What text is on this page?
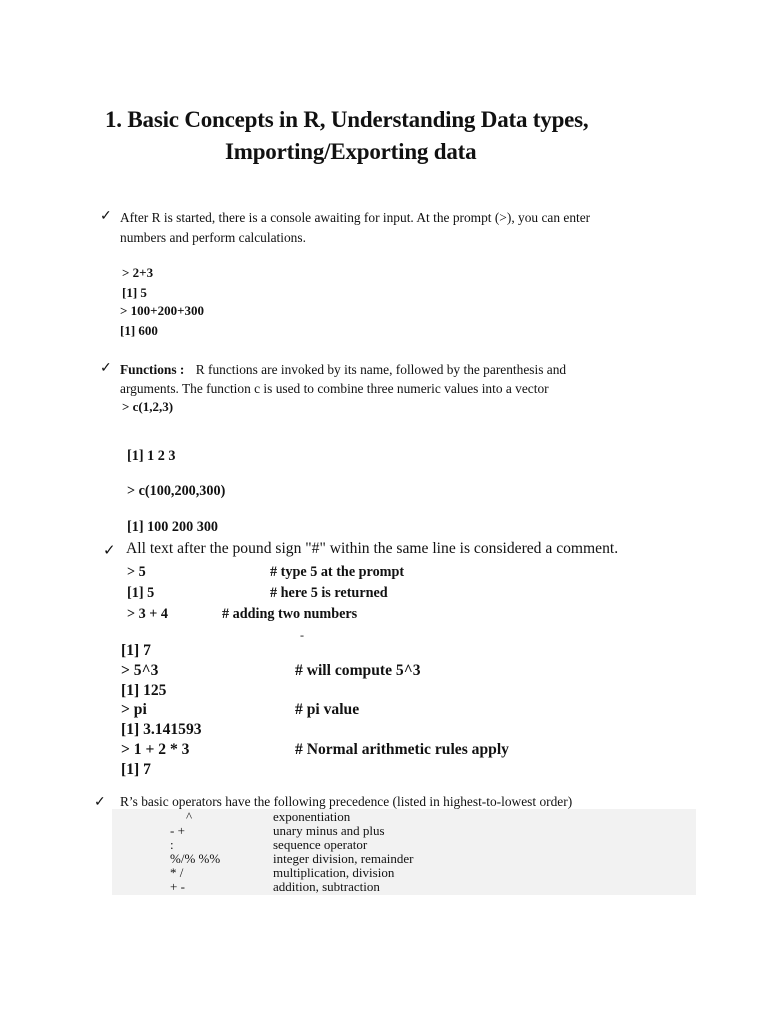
1. Basic Concepts in R, Understanding Data types,
Importing/Exporting data
✓ After R is started, there is a console awaiting for input. At the prompt (>), you can enter
numbers and perform calculations.
> 2+3
[1] 5
> 100+200+300
[1] 600
✓ Functions : R functions are invoked by its name, followed by the parenthesis and
arguments. The function c is used to combine three numeric values into a vector
> c(1,2,3)
[1] 1 2 3
> c(100,200,300)
[1] 100 200 300
✓ All text after the pound sign "#" within the same line is considered a comment.
> 5	# type 5 at the prompt
[1] 5	# here 5 is returned
> 3 + 4	# adding two numbers
-
[1] 7
> 5^3	# will compute 5^3
[1] 125
> pi	# pi value
[1] 3.141593
> 1 + 2 * 3	# Normal arithmetic rules apply
[1] 7
✓ R’s basic operators have the following precedence (listed in highest-to-lowest order)
^	exponentiation
- +	unary minus and plus
:	sequence operator
%/% %%	integer division, remainder
* /	multiplication, division
+ -	addition, subtraction
